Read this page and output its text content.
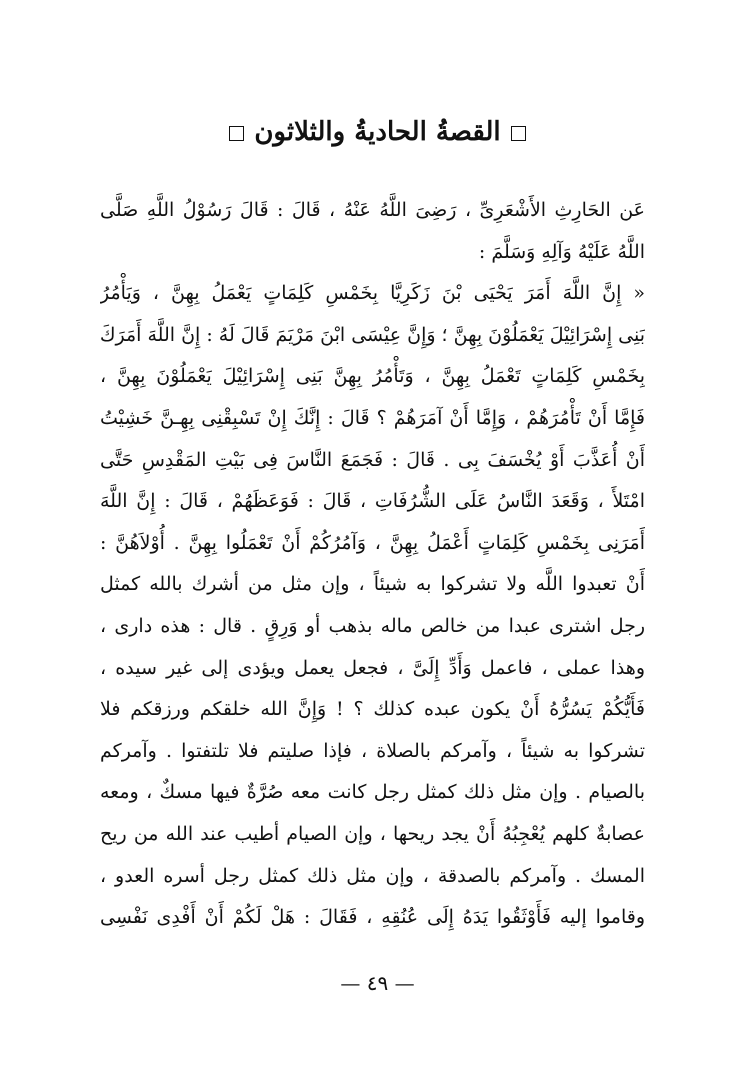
القصةُ الحاديةُ والثلاثون
عَن الحَارِثِ الأَشْعَرِىِّ ، رَضِىَ اللَّهُ عَنْهُ ، قَالَ : قَالَ رَسُوْلُ اللَّهِ صَلَّى
اللَّهُ عَلَيْهُ وَآلِهِ وَسَلَّمَ :
« إِنَّ اللَّهَ أَمَرَ يَحْيَى بْنَ زَكَرِيَّا بِخَمْسِ كَلِمَاتٍ يَعْمَلُ بِهِنَّ ، وَيَأْمُرُ
بَنِى إِسْرَائِيْلَ يَعْمَلُوْنَ بِهِنَّ ؛ وَإِنَّ عِيْسَى ابْنَ مَرْيَمَ قَالَ لَهُ : إِنَّ اللَّهَ أَمَرَكَ
بِخَمْسِ كَلِمَاتٍ تَعْمَلُ بِهِنَّ ، وَتَأْمُرُ بِهِنَّ بَنِى إِسْرَائِيْلَ يَعْمَلُوْنَ بِهِنَّ ،
فَإِمَّا أَنْ تَأْمُرَهُمْ ، وَإِمَّا أَنْ آمَرَهُمْ ؟ قَالَ : إِنَّكَ إِنْ تَسْبِقْنِى بِهِـنَّ خَشِيْتُ
أَنْ أُعَذَّبَ أَوْ يُخْسَفَ بِى . قَالَ : فَجَمَعَ النَّاسَ فِى بَيْتِ المَقْدِسِ حَتَّى
امْتَلأَ ، وَقَعَدَ النَّاسُ عَلَى الشُّرُفَاتِ ، قَالَ : فَوَعَظَهُمْ ، قَالَ : إِنَّ اللَّهَ
أَمَرَنِى بِخَمْسِ كَلِمَاتٍ أَعْمَلُ بِهِنَّ ، وَآمُرُكُمْ أَنْ تَعْمَلُوا بِهِنَّ . أُوْلاَهُنَّ :
أَنْ تعبدوا اللَّه ولا تشركوا به شيئاً ، وإن مثل من أشرك بالله كمثل
رجل اشترى عبدا من خالص ماله بذهب أو وَرِقٍ . قال : هذه دارى ،
وهذا عملى ، فاعمل وَأَدِّ إِلَىَّ ، فجعل يعمل ويؤدى إلى غير سيده ،
فَأَيُّكُمْ يَسُرُّهُ أَنْ يكون عبده كذلك ؟ ! وَإِنَّ الله خلقكم ورزقكم فلا
تشركوا به شيئاً ، وآمركم بالصلاة ، فإذا صليتم فلا تلتفتوا . وآمركم
بالصيام . وإن مثل ذلك كمثل رجل كانت معه صُرَّةٌ فيها مسكٌ ، ومعه
عصابةٌ كلهم يُعْجِبُهُ أَنْ يجد ريحها ، وإن الصيام أطيب عند الله من ريح
المسك . وآمركم بالصدقة ، وإن مثل ذلك كمثل رجل أسره العدو ،
وقاموا إليه فَأَوْثَقُوا يَدَهُ إِلَى عُنُقِهِ ، فَقَالَ : هَلْ لَكُمْ أَنْ أَفْدِى نَفْسِى
— ٤٩ —
